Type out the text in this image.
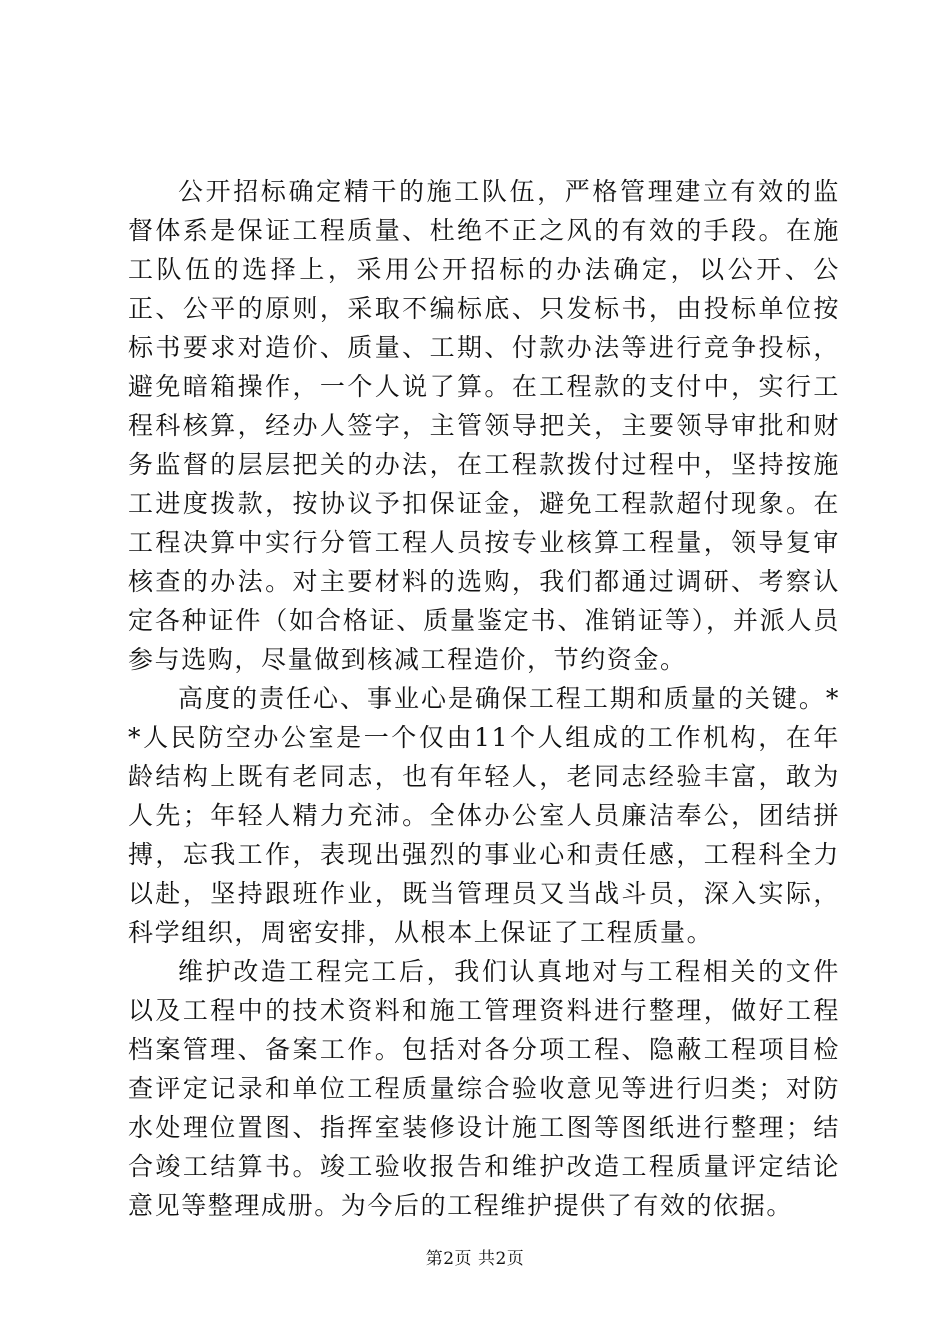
公开招标确定精干的施工队伍，严格管理建立有效的监督体系是保证工程质量、杜绝不正之风的有效的手段。在施工队伍的选择上，采用公开招标的办法确定，以公开、公正、公平的原则，采取不编标底、只发标书，由投标单位按标书要求对造价、质量、工期、付款办法等进行竞争投标，避免暗箱操作，一个人说了算。在工程款的支付中，实行工程科核算，经办人签字，主管领导把关，主要领导审批和财务监督的层层把关的办法，在工程款拨付过程中，坚持按施工进度拨款，按协议予扣保证金，避免工程款超付现象。在工程决算中实行分管工程人员按专业核算工程量，领导复审核查的办法。对主要材料的选购，我们都通过调研、考察认定各种证件（如合格证、质量鉴定书、准销证等），并派人员参与选购，尽量做到核减工程造价，节约资金。

高度的责任心、事业心是确保工程工期和质量的关键。**人民防空办公室是一个仅由11个人组成的工作机构，在年龄结构上既有老同志，也有年轻人，老同志经验丰富，敢为人先；年轻人精力充沛。全体办公室人员廉洁奉公，团结拼搏，忘我工作，表现出强烈的事业心和责任感，工程科全力以赴，坚持跟班作业，既当管理员又当战斗员，深入实际，科学组织，周密安排，从根本上保证了工程质量。

维护改造工程完工后，我们认真地对与工程相关的文件以及工程中的技术资料和施工管理资料进行整理，做好工程档案管理、备案工作。包括对各分项工程、隐蔽工程项目检查评定记录和单位工程质量综合验收意见等进行归类；对防水处理位置图、指挥室装修设计施工图等图纸进行整理；结合竣工结算书。竣工验收报告和维护改造工程质量评定结论意见等整理成册。为今后的工程维护提供了有效的依据。

第2页 共2页
